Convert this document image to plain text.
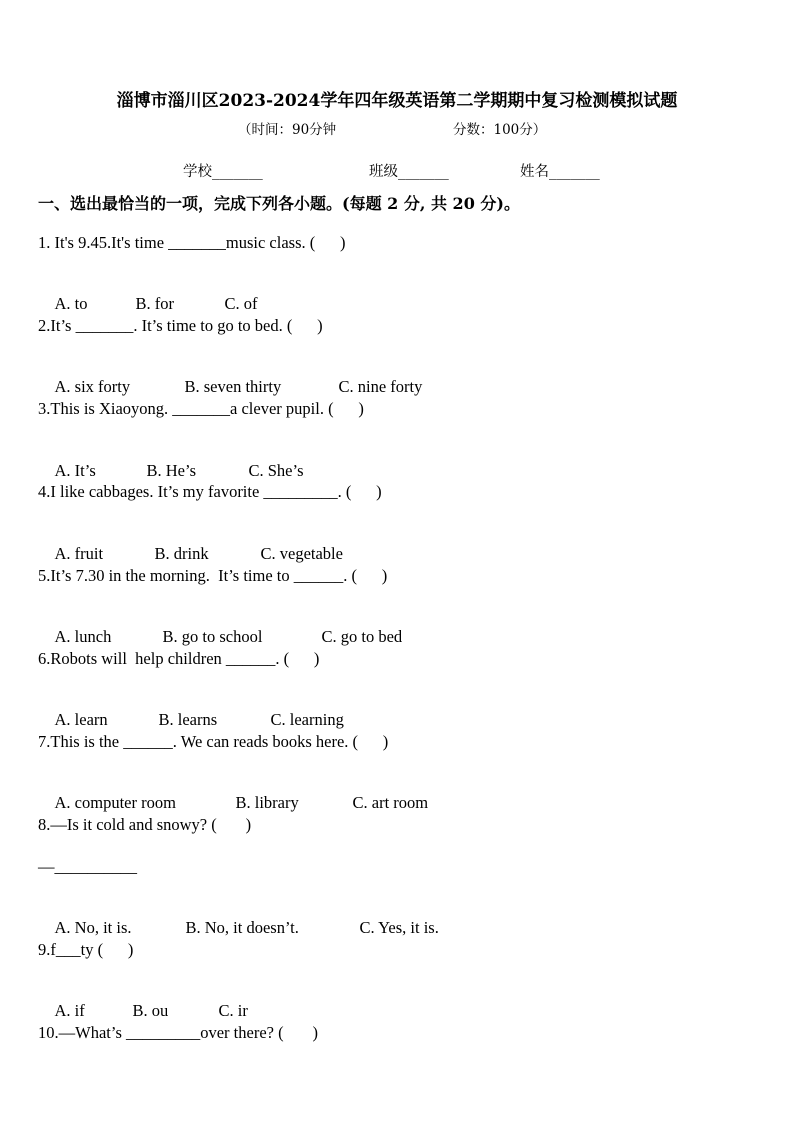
淄博市淄川区2023-2024学年四年级英语第二学期期中复习检测模拟试题
（时间：90分钟	分数：100分）
学校_______	班级_______	姓名_______
一、选出最恰当的一项，完成下列各小题。(每题 2 分, 共 20 分)。
1. It's 9.45.It's time _______music class. (      )

A. to	B. for	C. of

2.It’s _______. It’s time to go to bed. (      )

A. six forty	B. seven thirty	C. nine forty

3.This is Xiaoyong. _______a clever pupil. (      )

A. It’s	B. He’s	C. She’s

4.I like cabbages. It’s my favorite _________. (      )

A. fruit	B. drink	C. vegetable

5.It’s 7.30 in the morning.  It’s time to ______. (      )

A. lunch	B. go to school	C. go to bed

6.Robots will  help children ______. (      )

A. learn	B. learns	C. learning

7.This is the ______. We can reads books here. (      )

A. computer room	B. library	C. art room

8.—Is it cold and snowy? (       )
—__________

A. No, it is.	B. No, it doesn’t.	C. Yes, it is.

9.f___ty (      )

A. if	B. ou	C. ir

10.—What’s _________over there? (       )
